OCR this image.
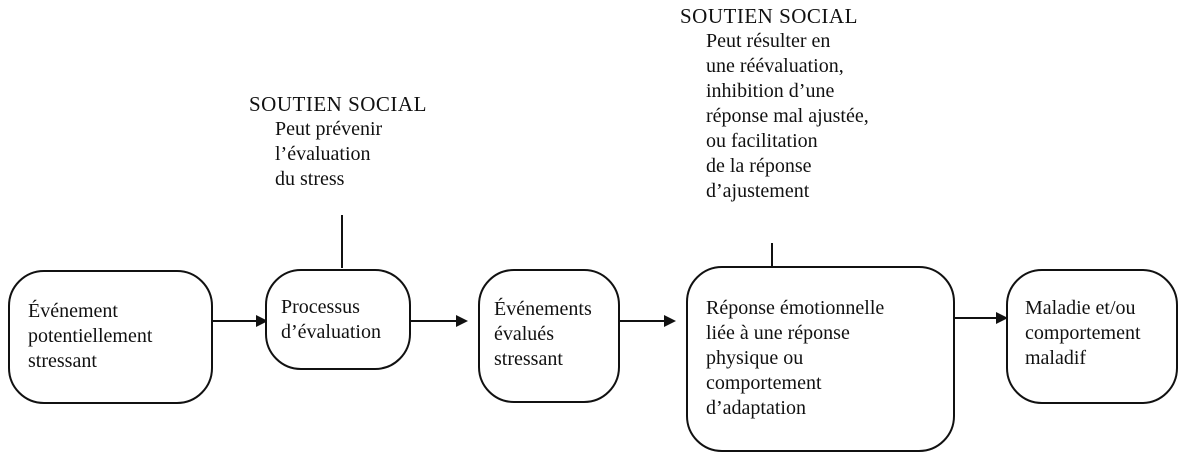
SOUTIEN SOCIAL
Peut résulter en
une réévaluation,
inhibition d’une
réponse mal ajustée,
ou facilitation
de la réponse
d’ajustement
SOUTIEN SOCIAL
Peut prévenir
l’évaluation
du stress
Événement
potentiellement
stressant
Processus
d’évaluation
Événements
évalués
stressant
Réponse émotionnelle
liée à une réponse
physique ou
comportement
d’adaptation
Maladie et/ou
comportement
maladif
